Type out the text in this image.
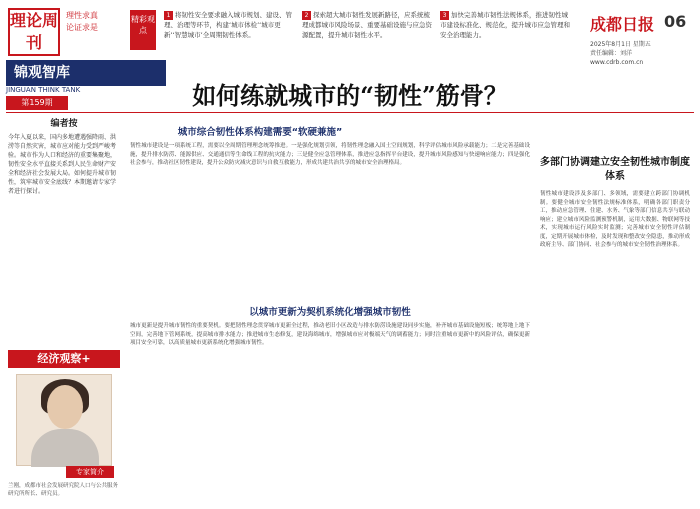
理论周刊
理性求真
论证求是
锦观智库
JINGUAN THINK TANK
第159期
精彩观点
1 将韧性安全要求融入城市规划、建设、管理、治理等环节，构建‘城市体检’‘城市更新’‘智慧城市’全周期韧性体系。
2 探索超大城市韧性发展新路径，应系统梳理成都城市风险场景、重要基础设施与应急资源配置，提升城市韧性水平。
3 加快完善城市韧性法规体系，推进韧性城市建设标准化、规范化，提升城市应急管理和安全治理能力。
成都日报 06
2025年8月1日 星期五
责任编辑：刘洋
www.cdrb.com.cn
如何练就城市的“韧性”筋骨？
编者按
今年入夏以来，国内多地遭遇强降雨、洪涝等自然灾害，城市应对能力受到严峻考验。城市作为人口和经济的重要集聚地，韧性安全水平直接关系到人民生命财产安全和经济社会发展大局。如何提升城市韧性，筑牢城市安全底线？本期邀请专家学者进行探讨。
经济观察+
专家简介
兰刚，成都市社会发展研究院人口与公共服务研究所所长、研究员。
城市综合韧性体系构建需要“软硬兼施”
韧性城市建设是一项系统工程，需要以全周期管理理念统筹推进。一是强化规划引领，将韧性理念融入国土空间规划，科学评估城市风险承载能力；二是完善基础设施，提升排水防涝、能源供应、交通通信等生命线工程的抗灾能力；三是健全应急管理体系，推进应急指挥平台建设，提升城市风险感知与快速响应能力；四是强化社会参与，推动社区韧性建设，提升公众防灾减灾意识与自救互救能力，形成共建共治共享的城市安全治理格局。
以城市更新为契机系统化增强城市韧性
城市更新是提升城市韧性的重要契机。要把韧性理念贯穿城市更新全过程，推动老旧小区改造与排水防涝设施建设同步实施，补齐城市基础设施短板；统筹地上地下空间，完善地下管网系统，提高城市排水能力；推进城市生态修复，建设海绵城市，增强城市应对极端天气的调蓄能力；同时注重城市更新中的风险评估，确保更新项目安全可靠，以高质量城市更新系统化增强城市韧性。
多部门协调建立安全韧性城市制度体系
韧性城市建设涉及多部门、多领域，需要建立跨部门协调机制。要健全城市安全韧性法规标准体系，明确各部门职责分工，推动应急管理、住建、水务、气象等部门信息共享与联动响应；建立城市风险监测预警机制，运用大数据、物联网等技术，实现城市运行风险实时监测；完善城市安全韧性评估制度，定期开展城市体检，及时发现和整改安全隐患，推动形成政府主导、部门协同、社会参与的城市安全韧性治理体系。
